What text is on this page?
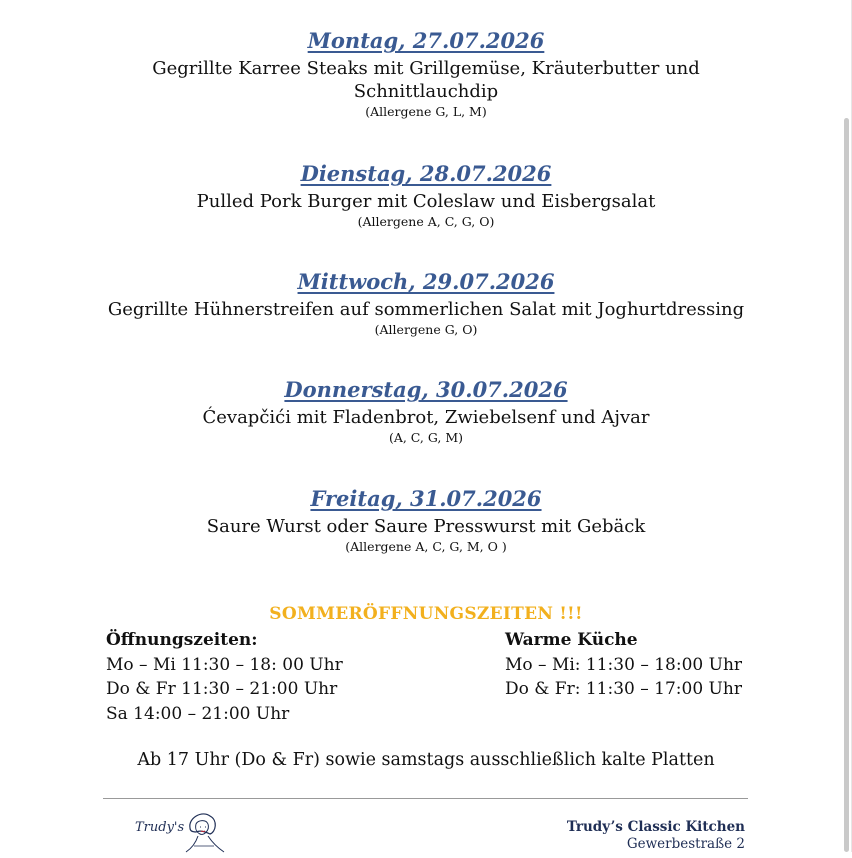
Montag, 27.07.2026
Gegrillte Karree Steaks mit Grillgemüse, Kräuterbutter und
Schnittlauchdip
(Allergene G, L, M)
Dienstag, 28.07.2026
Pulled Pork Burger mit Coleslaw und Eisbergsalat
(Allergene A, C, G, O)
Mittwoch, 29.07.2026
Gegrillte Hühnerstreifen auf sommerlichen Salat mit Joghurtdressing
(Allergene G, O)
Donnerstag, 30.07.2026
Ćevapčići mit Fladenbrot, Zwiebelsenf und Ajvar
(A, C, G, M)
Freitag, 31.07.2026
Saure Wurst oder Saure Presswurst mit Gebäck
(Allergene A, C, G, M, O )
SOMMERÖFFNUNGSZEITEN !!!
Öffnungszeiten:
Mo – Mi 11:30 – 18: 00 Uhr
Do & Fr 11:30 – 21:00 Uhr
Sa 14:00 – 21:00 Uhr
Warme Küche
Mo – Mi: 11:30 – 18:00 Uhr
Do & Fr: 11:30 – 17:00 Uhr
Ab 17 Uhr (Do & Fr) sowie samstags ausschließlich kalte Platten
Trudy's	Trudy’s Classic Kitchen
Gewerbestraße 2
